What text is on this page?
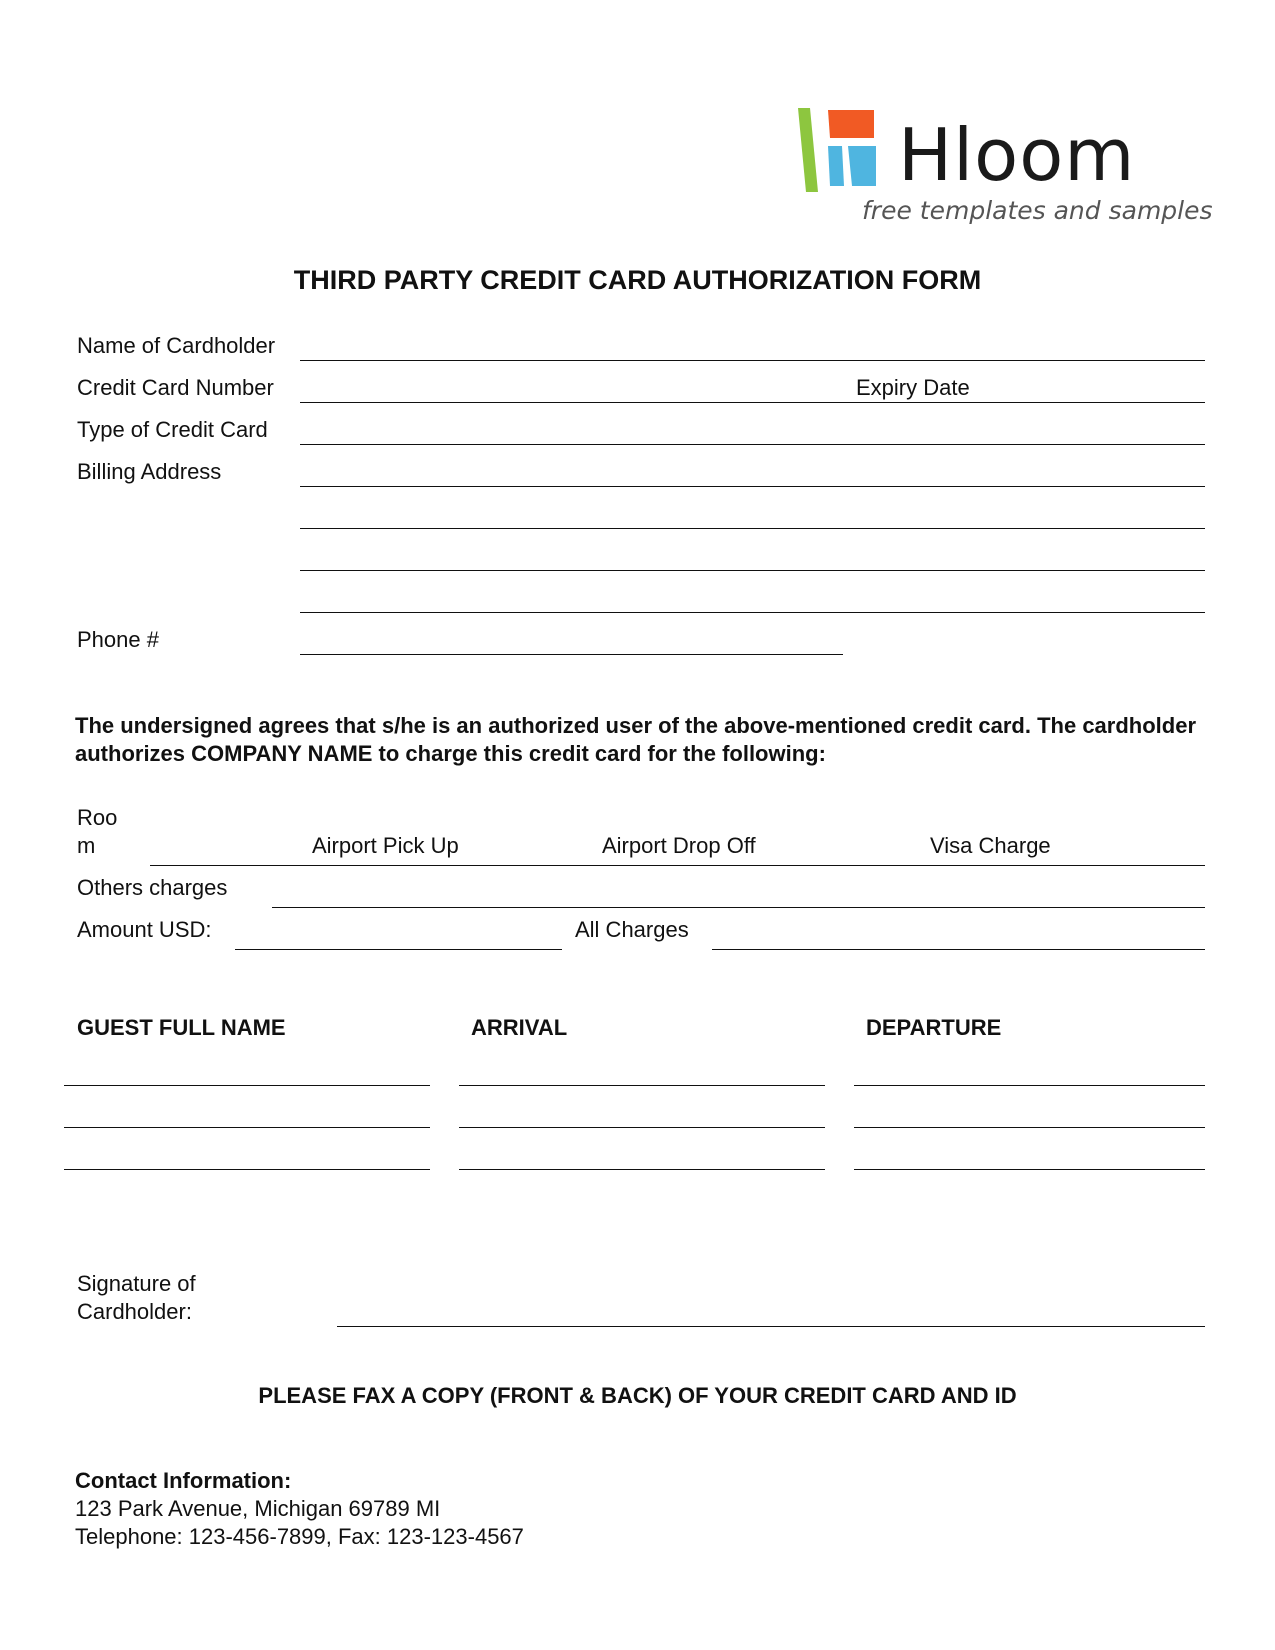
Hloom
free templates and samples
THIRD PARTY CREDIT CARD AUTHORIZATION FORM
Name of Cardholder
Credit Card Number	Expiry Date
Type of Credit Card
Billing Address
Phone #
The undersigned agrees that s/he is an authorized user of the above-mentioned credit card. The cardholder authorizes COMPANY NAME to charge this credit card for the following:
Roo
m	Airport Pick Up	Airport Drop Off	Visa Charge
Others charges
Amount USD:	All Charges
GUEST FULL NAME	ARRIVAL	DEPARTURE
Signature of
Cardholder:
PLEASE FAX A COPY (FRONT & BACK) OF YOUR CREDIT CARD AND ID
Contact Information:
123 Park Avenue, Michigan 69789 MI
Telephone: 123-456-7899, Fax: 123-123-4567
